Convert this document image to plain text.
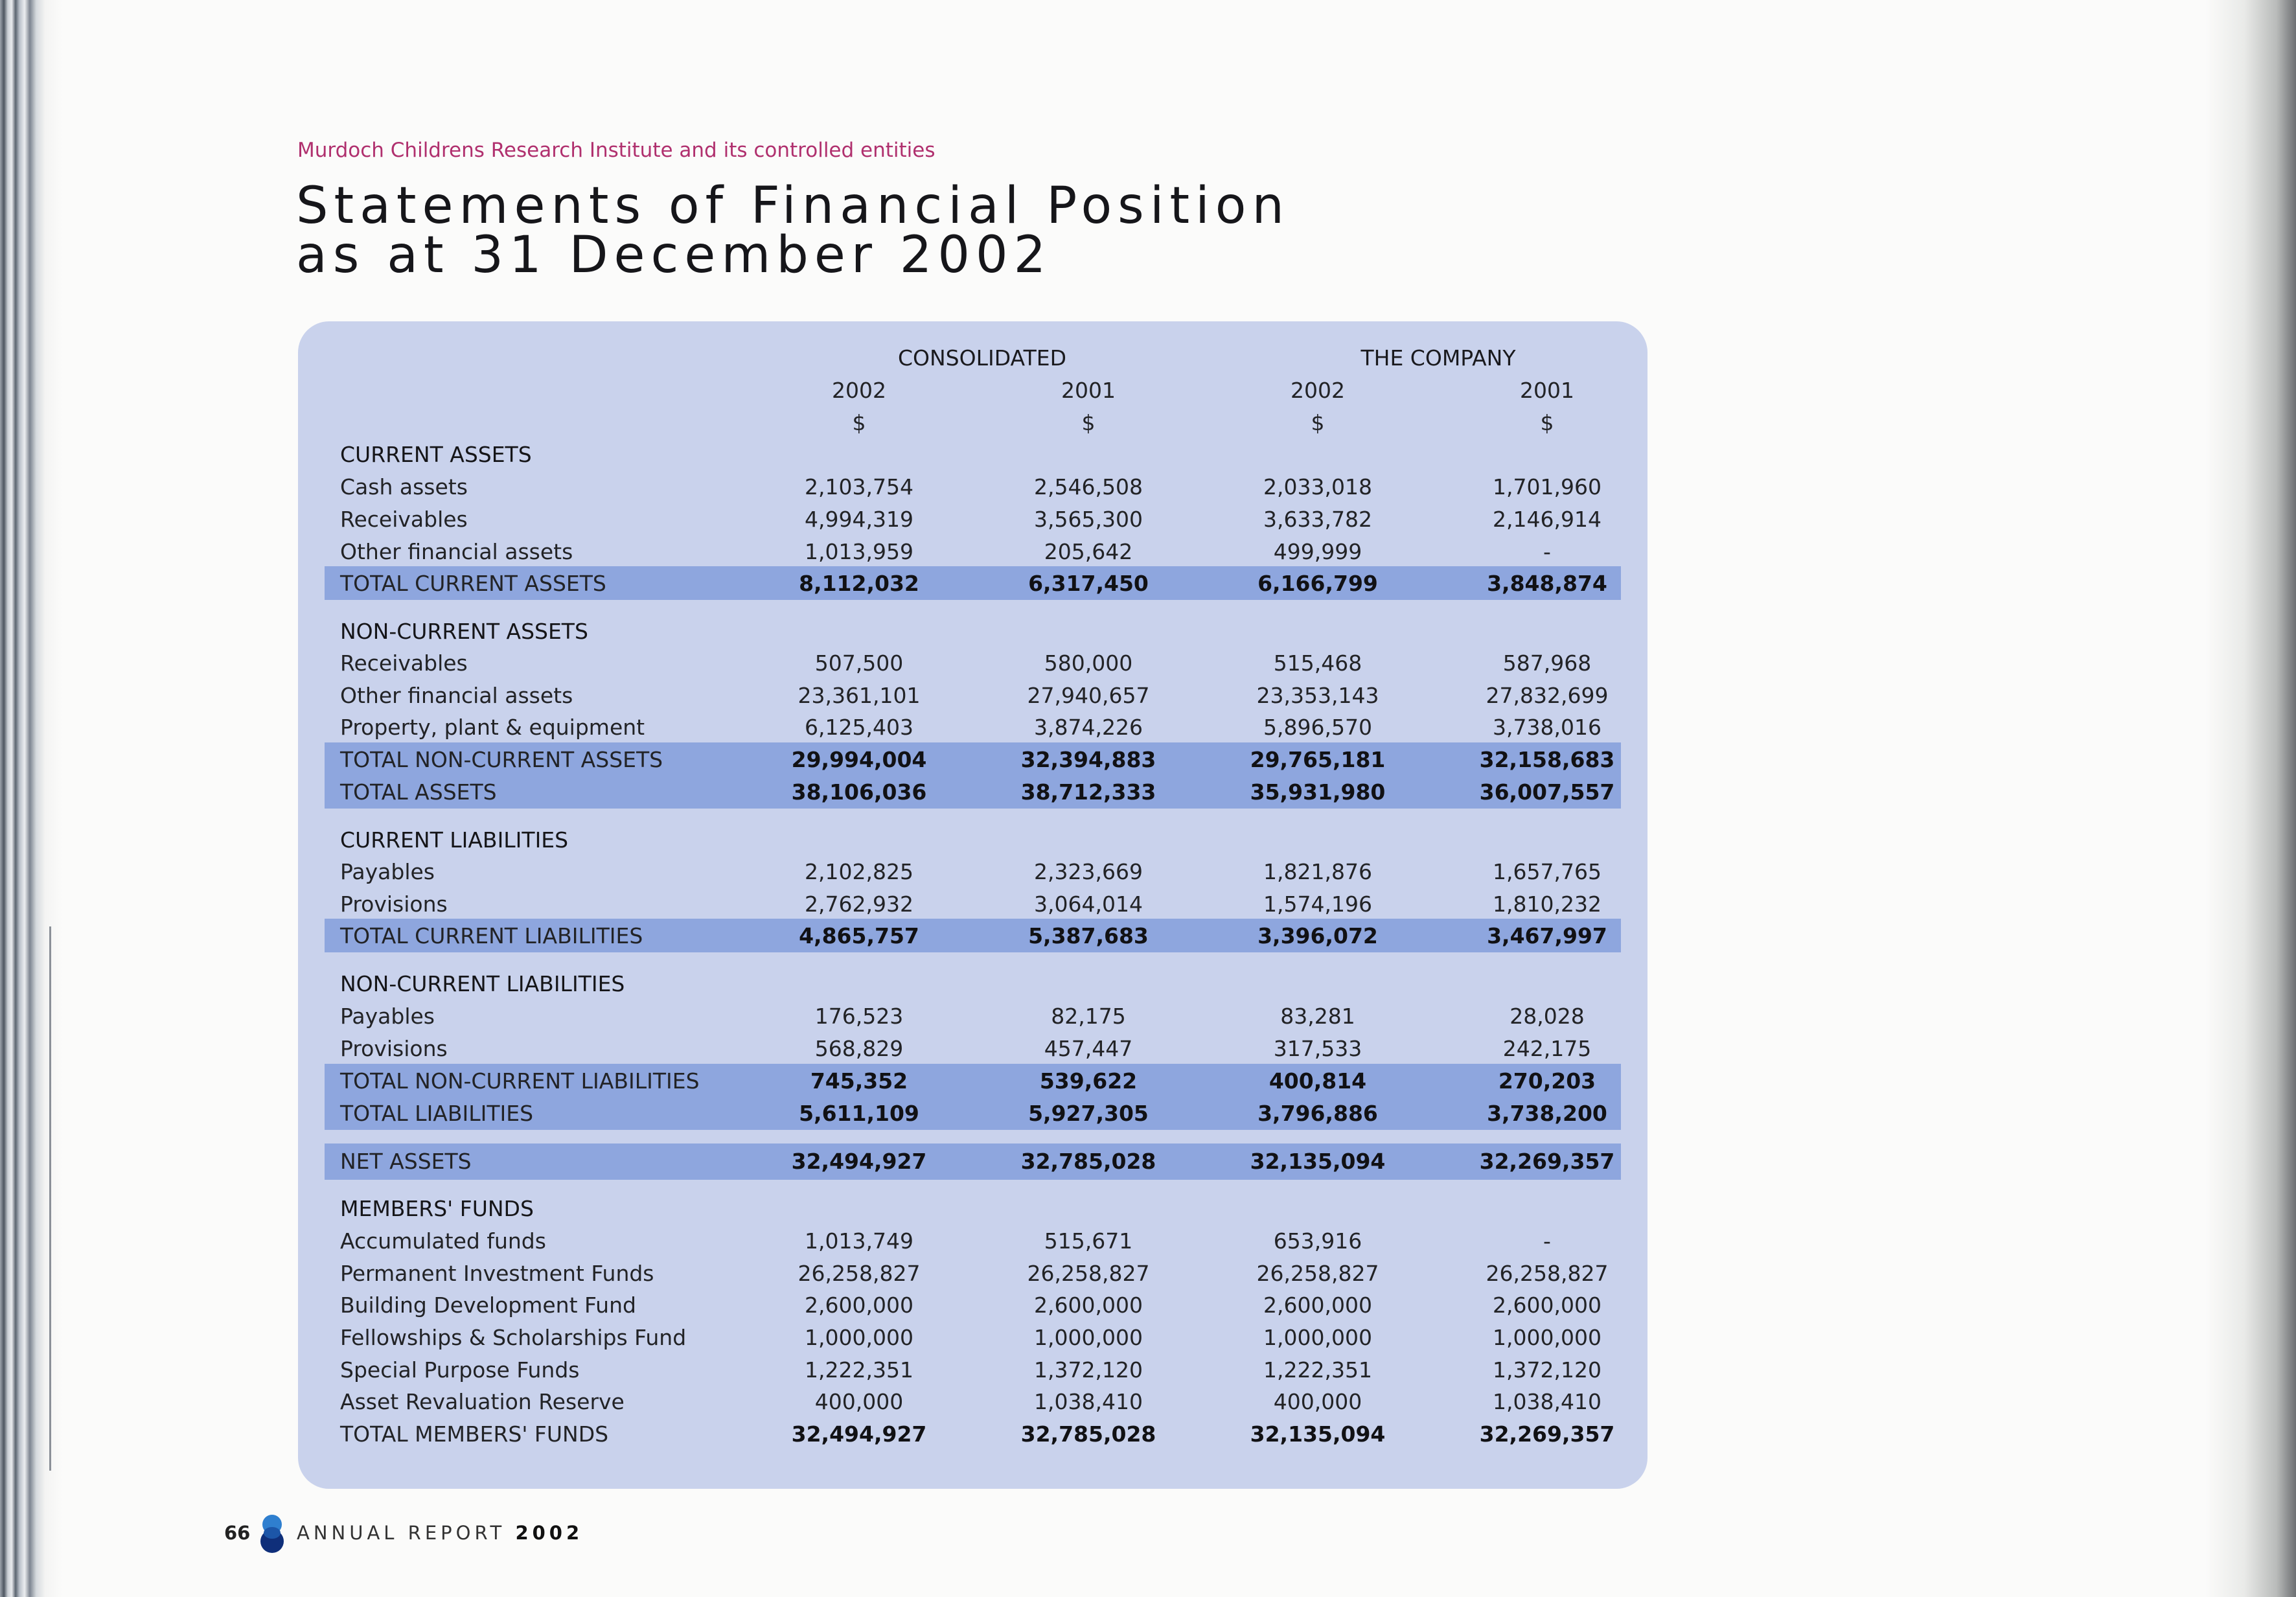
Murdoch Childrens Research Institute and its controlled entities
Statements of Financial Position
as at 31 December 2002
CONSOLIDATED	THE COMPANY
2002	2001	2002	2001
$	$	$	$
CURRENT ASSETS
Cash assets	2,103,754	2,546,508	2,033,018	1,701,960
Receivables	4,994,319	3,565,300	3,633,782	2,146,914
Other financial assets	1,013,959	205,642	499,999	-
TOTAL CURRENT ASSETS	8,112,032	6,317,450	6,166,799	3,848,874
NON-CURRENT ASSETS
Receivables	507,500	580,000	515,468	587,968
Other financial assets	23,361,101	27,940,657	23,353,143	27,832,699
Property, plant & equipment	6,125,403	3,874,226	5,896,570	3,738,016
TOTAL NON-CURRENT ASSETS	29,994,004	32,394,883	29,765,181	32,158,683
TOTAL ASSETS	38,106,036	38,712,333	35,931,980	36,007,557
CURRENT LIABILITIES
Payables	2,102,825	2,323,669	1,821,876	1,657,765
Provisions	2,762,932	3,064,014	1,574,196	1,810,232
TOTAL CURRENT LIABILITIES	4,865,757	5,387,683	3,396,072	3,467,997
NON-CURRENT LIABILITIES
Payables	176,523	82,175	83,281	28,028
Provisions	568,829	457,447	317,533	242,175
TOTAL NON-CURRENT LIABILITIES	745,352	539,622	400,814	270,203
TOTAL LIABILITIES	5,611,109	5,927,305	3,796,886	3,738,200
NET ASSETS	32,494,927	32,785,028	32,135,094	32,269,357
MEMBERS' FUNDS
Accumulated funds	1,013,749	515,671	653,916	-
Permanent Investment Funds	26,258,827	26,258,827	26,258,827	26,258,827
Building Development Fund	2,600,000	2,600,000	2,600,000	2,600,000
Fellowships & Scholarships Fund	1,000,000	1,000,000	1,000,000	1,000,000
Special Purpose Funds	1,222,351	1,372,120	1,222,351	1,372,120
Asset Revaluation Reserve	400,000	1,038,410	400,000	1,038,410
TOTAL MEMBERS' FUNDS	32,494,927	32,785,028	32,135,094	32,269,357
66 ANNUAL REPORT 2002
